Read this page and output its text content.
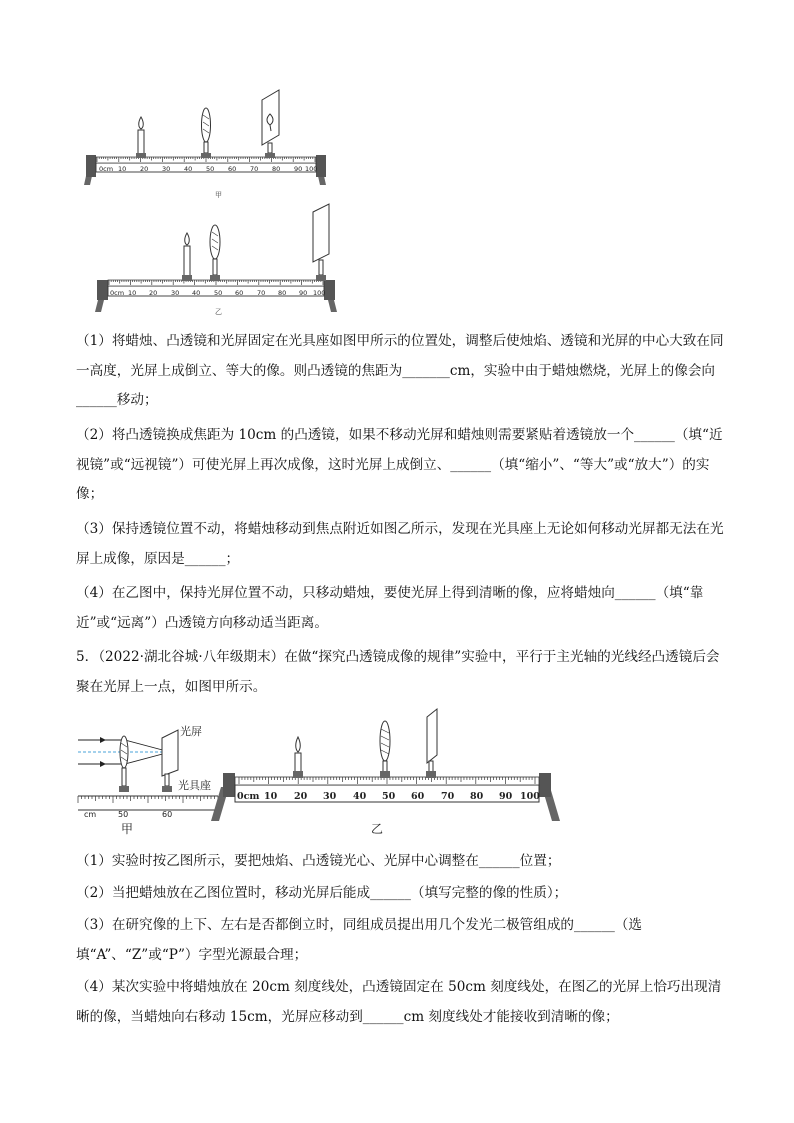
0cm 10 20 30 40 50 60 70 80 90 100
甲
0cm 10 20 30 40 50 60 70 80 90 100
乙

（1）将蜡烛、凸透镜和光屏固定在光具座如图甲所示的位置处，调整后使烛焰、透镜和光屏的中心大致在同一高度，光屏上成倒立、等大的像。则凸透镜的焦距为_______cm，实验中由于蜡烛燃烧，光屏上的像会向______移动；

（2）将凸透镜换成焦距为 10cm 的凸透镜，如果不移动光屏和蜡烛则需要紧贴着透镜放一个______（填“近视镜”或“远视镜”）可使光屏上再次成像，这时光屏上成倒立、______（填“缩小”、“等大”或“放大”）的实像；

（3）保持透镜位置不动，将蜡烛移动到焦点附近如图乙所示，发现在光具座上无论如何移动光屏都无法在光屏上成像，原因是______；

（4）在乙图中，保持光屏位置不动，只移动蜡烛，要使光屏上得到清晰的像，应将蜡烛向______（填“靠近”或“远离”）凸透镜方向移动适当距离。

5．（2022·湖北谷城·八年级期末）在做“探究凸透镜成像的规律”实验中，平行于主光轴的光线经凸透镜后会聚在光屏上一点，如图甲所示。

光屏
光具座
cm	50	60
甲
0cm 10 20 30 40 50 60 70 80 90 100
乙

（1）实验时按乙图所示，要把烛焰、凸透镜光心、光屏中心调整在______位置；

（2）当把蜡烛放在乙图位置时，移动光屏后能成______（填写完整的像的性质）；

（3）在研究像的上下、左右是否都倒立时，同组成员提出用几个发光二极管组成的______（选填“A”、“Z”或“P”）字型光源最合理；

（4）某次实验中将蜡烛放在 20cm 刻度线处，凸透镜固定在 50cm 刻度线处，在图乙的光屏上恰巧出现清晰的像，当蜡烛向右移动 15cm，光屏应移动到______cm 刻度线处才能接收到清晰的像；
